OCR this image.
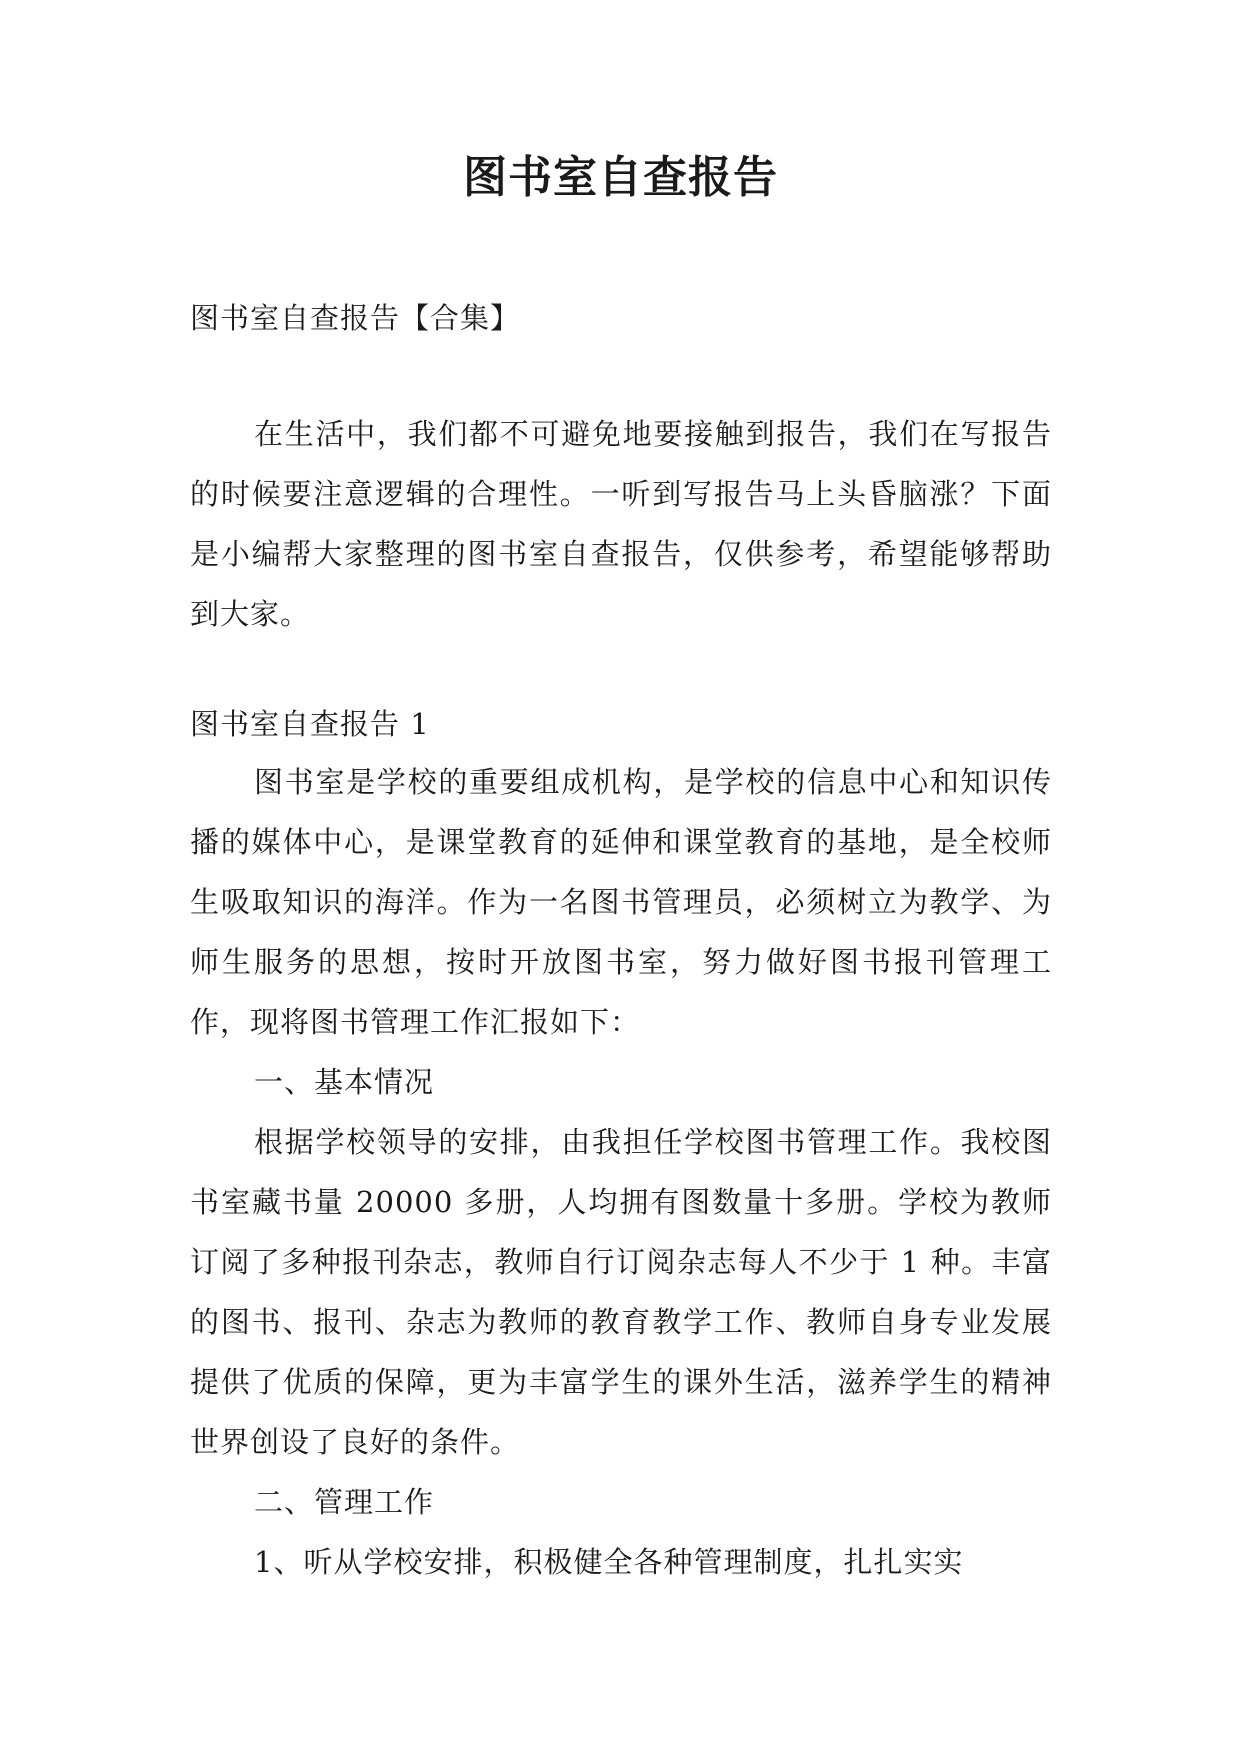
图书室自查报告

图书室自查报告【合集】

在生活中，我们都不可避免地要接触到报告，我们在写报告的时候要注意逻辑的合理性。一听到写报告马上头昏脑涨？下面是小编帮大家整理的图书室自查报告，仅供参考，希望能够帮助到大家。

图书室自查报告 1

图书室是学校的重要组成机构，是学校的信息中心和知识传播的媒体中心，是课堂教育的延伸和课堂教育的基地，是全校师生吸取知识的海洋。作为一名图书管理员，必须树立为教学、为师生服务的思想，按时开放图书室，努力做好图书报刊管理工作，现将图书管理工作汇报如下：

一、基本情况

根据学校领导的安排，由我担任学校图书管理工作。我校图书室藏书量 20000 多册，人均拥有图数量十多册。学校为教师订阅了多种报刊杂志，教师自行订阅杂志每人不少于 1 种。丰富的图书、报刊、杂志为教师的教育教学工作、教师自身专业发展提供了优质的保障，更为丰富学生的课外生活，滋养学生的精神世界创设了良好的条件。

二、管理工作

1、听从学校安排，积极健全各种管理制度，扎扎实实
